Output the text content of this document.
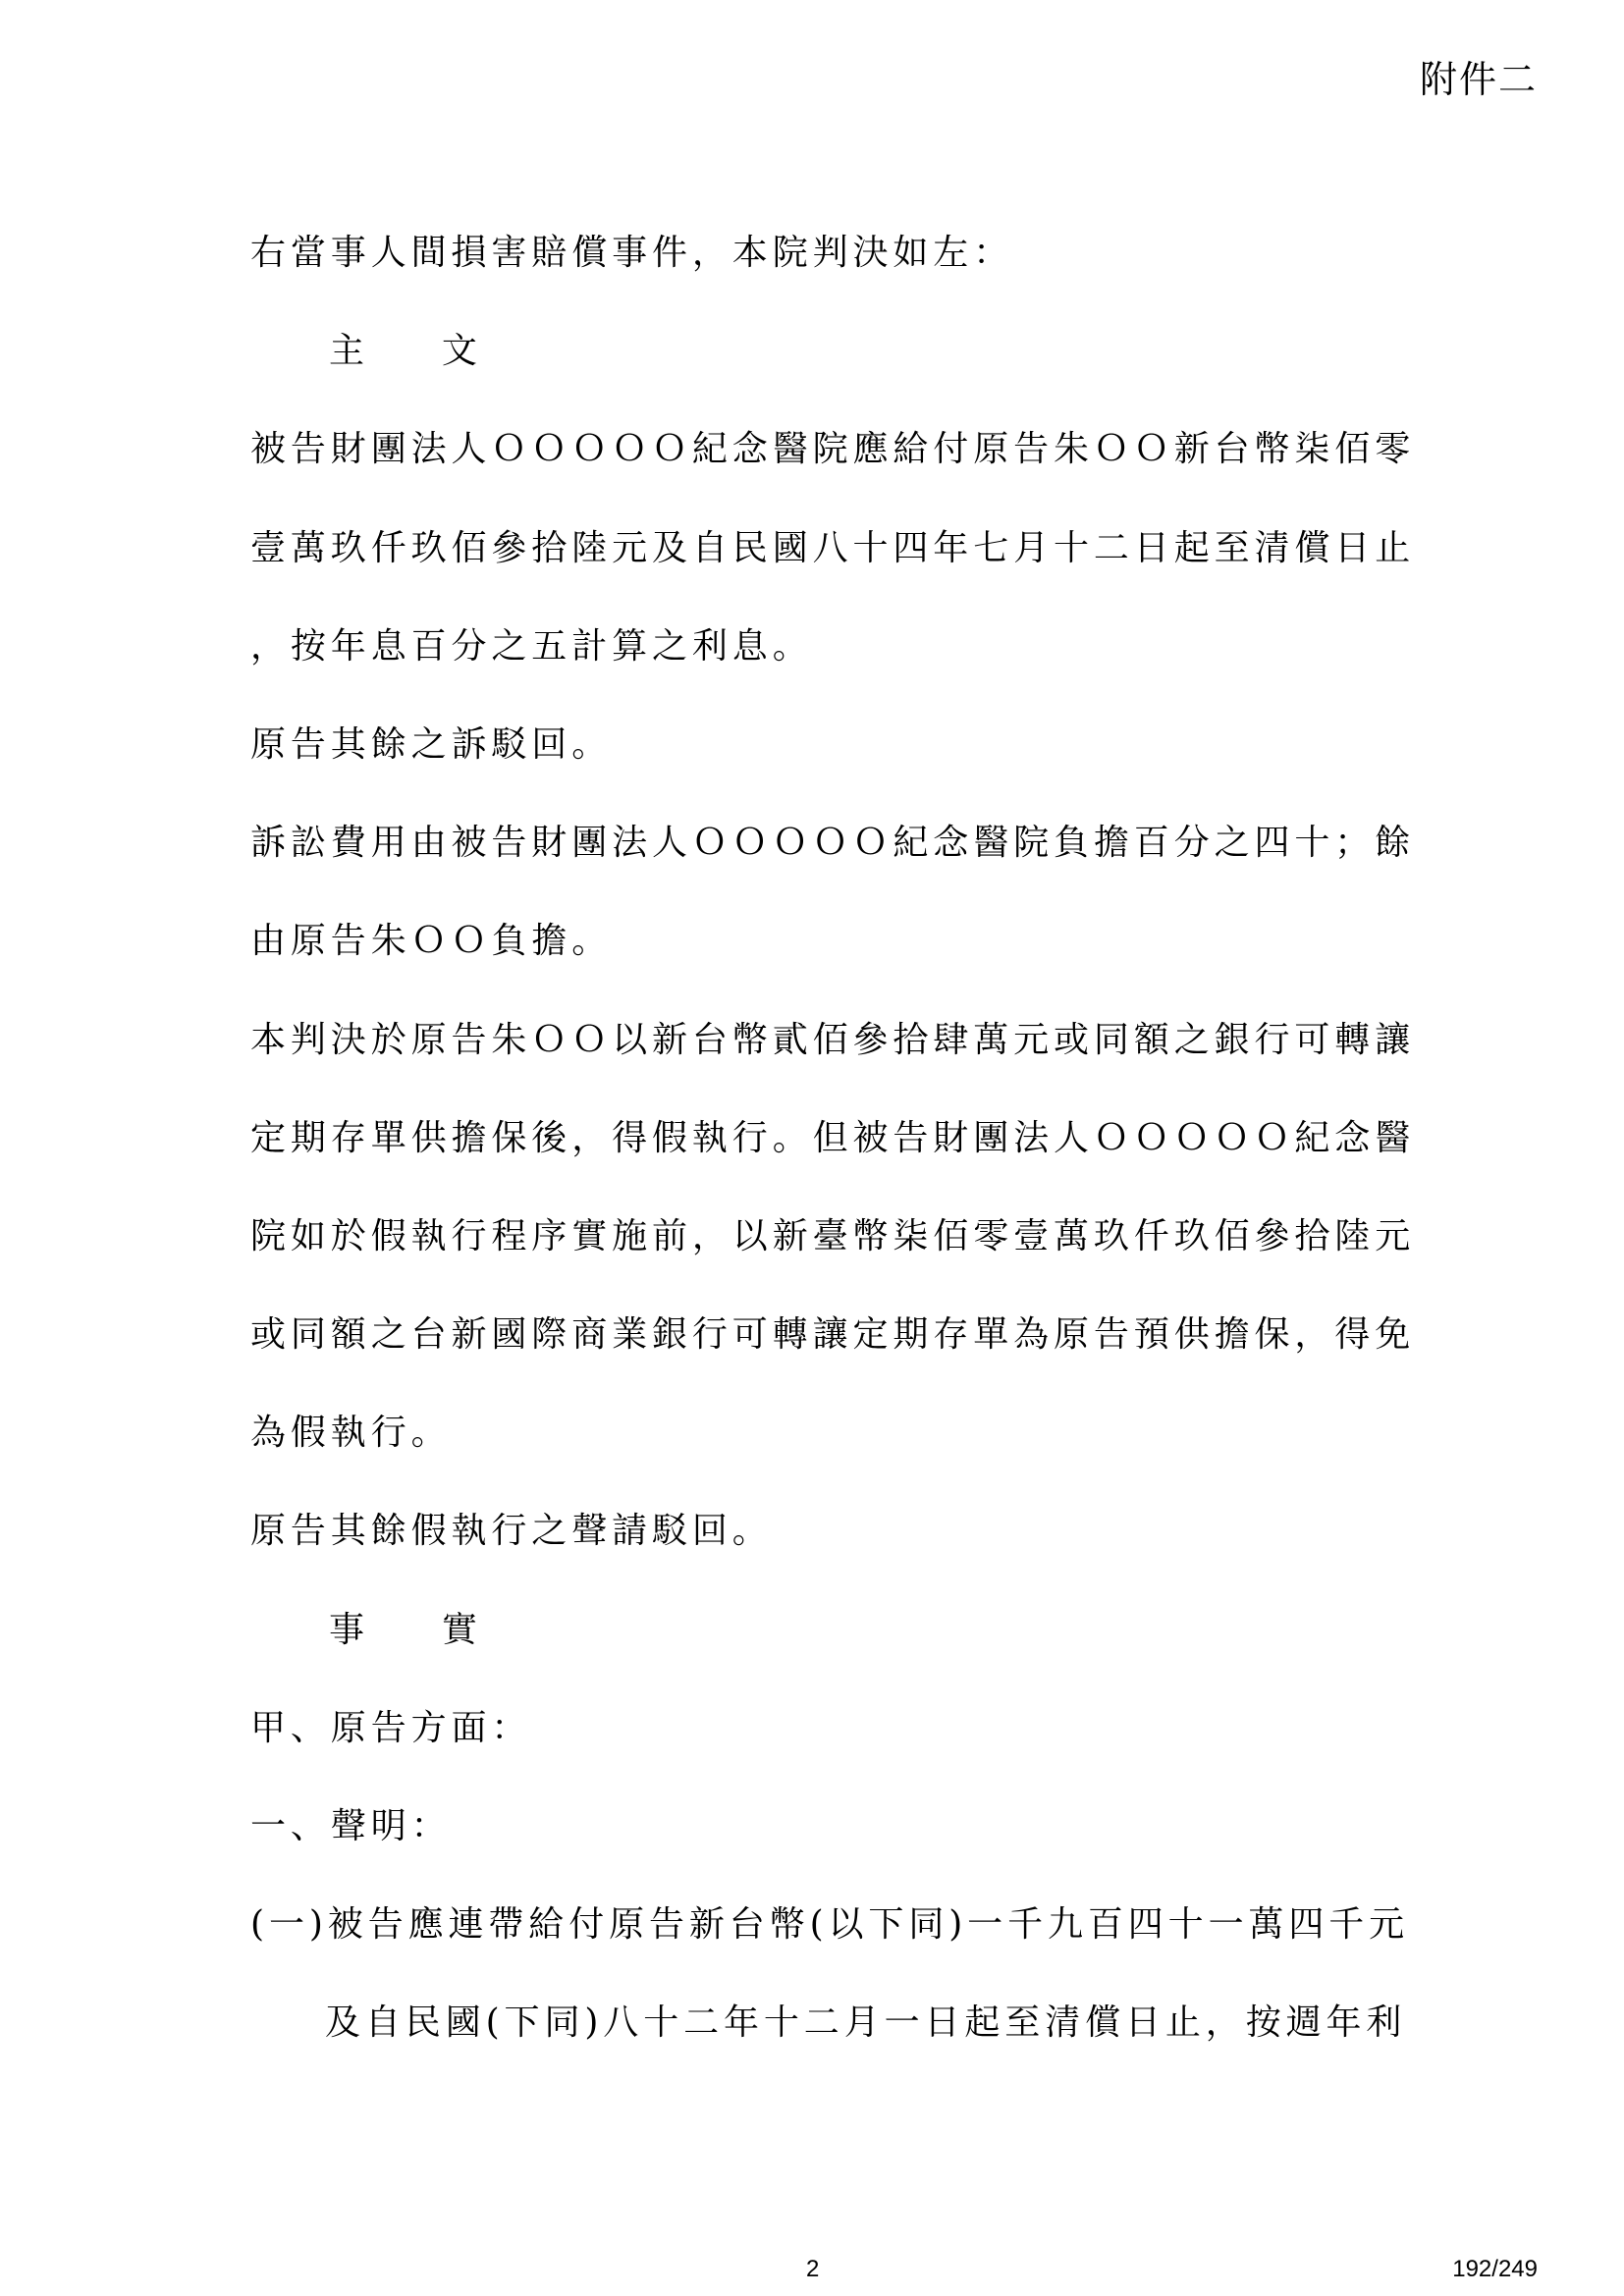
附件二
右當事人間損害賠償事件，本院判決如左：
主 文
被告財團法人ＯＯＯＯＯ紀念醫院應給付原告朱ＯＯ新台幣柒佰零
壹萬玖仟玖佰參拾陸元及自民國八十四年七月十二日起至清償日止
，按年息百分之五計算之利息。
原告其餘之訴駁回。
訴訟費用由被告財團法人ＯＯＯＯＯ紀念醫院負擔百分之四十；餘
由原告朱ＯＯ負擔。
本判決於原告朱ＯＯ以新台幣貳佰參拾肆萬元或同額之銀行可轉讓
定期存單供擔保後，得假執行。但被告財團法人ＯＯＯＯＯ紀念醫
院如於假執行程序實施前，以新臺幣柒佰零壹萬玖仟玖佰參拾陸元
或同額之台新國際商業銀行可轉讓定期存單為原告預供擔保，得免
為假執行。
原告其餘假執行之聲請駁回。
事 實
甲、原告方面：
一、聲明：
(一)被告應連帶給付原告新台幣(以下同)一千九百四十一萬四千元
及自民國(下同)八十二年十二月一日起至清償日止，按週年利
2	192/249
